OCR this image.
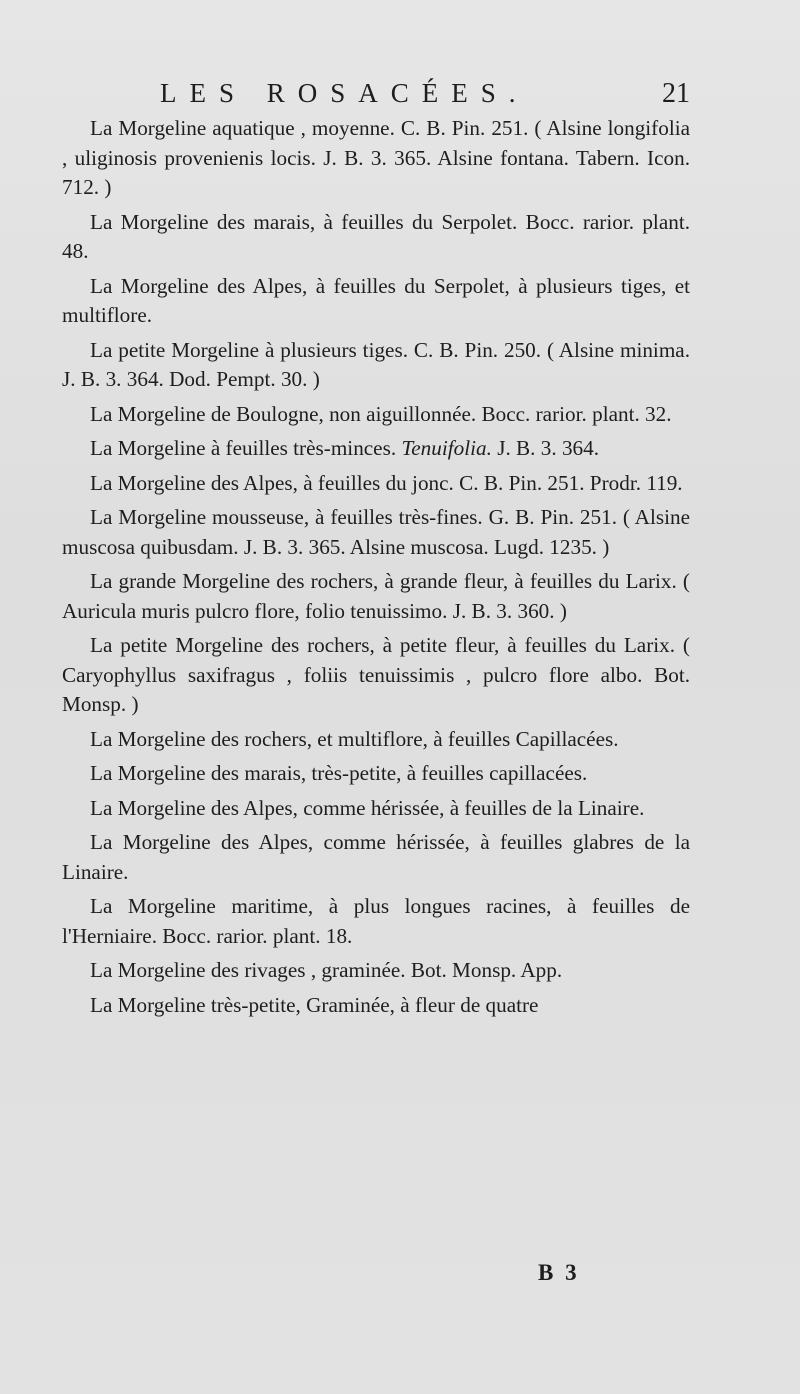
LES ROSACÉES.	21

La Morgeline aquatique , moyenne. C. B. Pin. 251. ( Alsine longifolia , uliginosis provenienis locis. J. B. 3. 365. Alsine fontana. Tabern. Icon. 712. )

La Morgeline des marais, à feuilles du Serpolet. Bocc. rarior. plant. 48.

La Morgeline des Alpes, à feuilles du Serpolet, à plusieurs tiges, et multiflore.

La petite Morgeline à plusieurs tiges. C. B. Pin. 250. ( Alsine minima. J. B. 3. 364. Dod. Pempt. 30. )

La Morgeline de Boulogne, non aiguillonnée. Bocc. rarior. plant. 32.

La Morgeline à feuilles très-minces. Tenuifolia. J. B. 3. 364.

La Morgeline des Alpes, à feuilles du jonc. C. B. Pin. 251. Prodr. 119.

La Morgeline mousseuse, à feuilles très-fines. G. B. Pin. 251. ( Alsine muscosa quibusdam. J. B. 3. 365. Alsine muscosa. Lugd. 1235. )

La grande Morgeline des rochers, à grande fleur, à feuilles du Larix. ( Auricula muris pulcro flore, folio tenuissimo. J. B. 3. 360. )

La petite Morgeline des rochers, à petite fleur, à feuilles du Larix. ( Caryophyllus saxifragus , foliis tenuissimis , pulcro flore albo. Bot. Monsp. )

La Morgeline des rochers, et multiflore, à feuilles Capillacées.

La Morgeline des marais, très-petite, à feuilles capillacées.

La Morgeline des Alpes, comme hérissée, à feuilles de la Linaire.

La Morgeline des Alpes, comme hérissée, à feuilles glabres de la Linaire.

La Morgeline maritime, à plus longues racines, à feuilles de l'Herniaire. Bocc. rarior. plant. 18.

La Morgeline des rivages , graminée. Bot. Monsp. App.

La Morgeline très-petite, Graminée, à fleur de quatre

B 3
